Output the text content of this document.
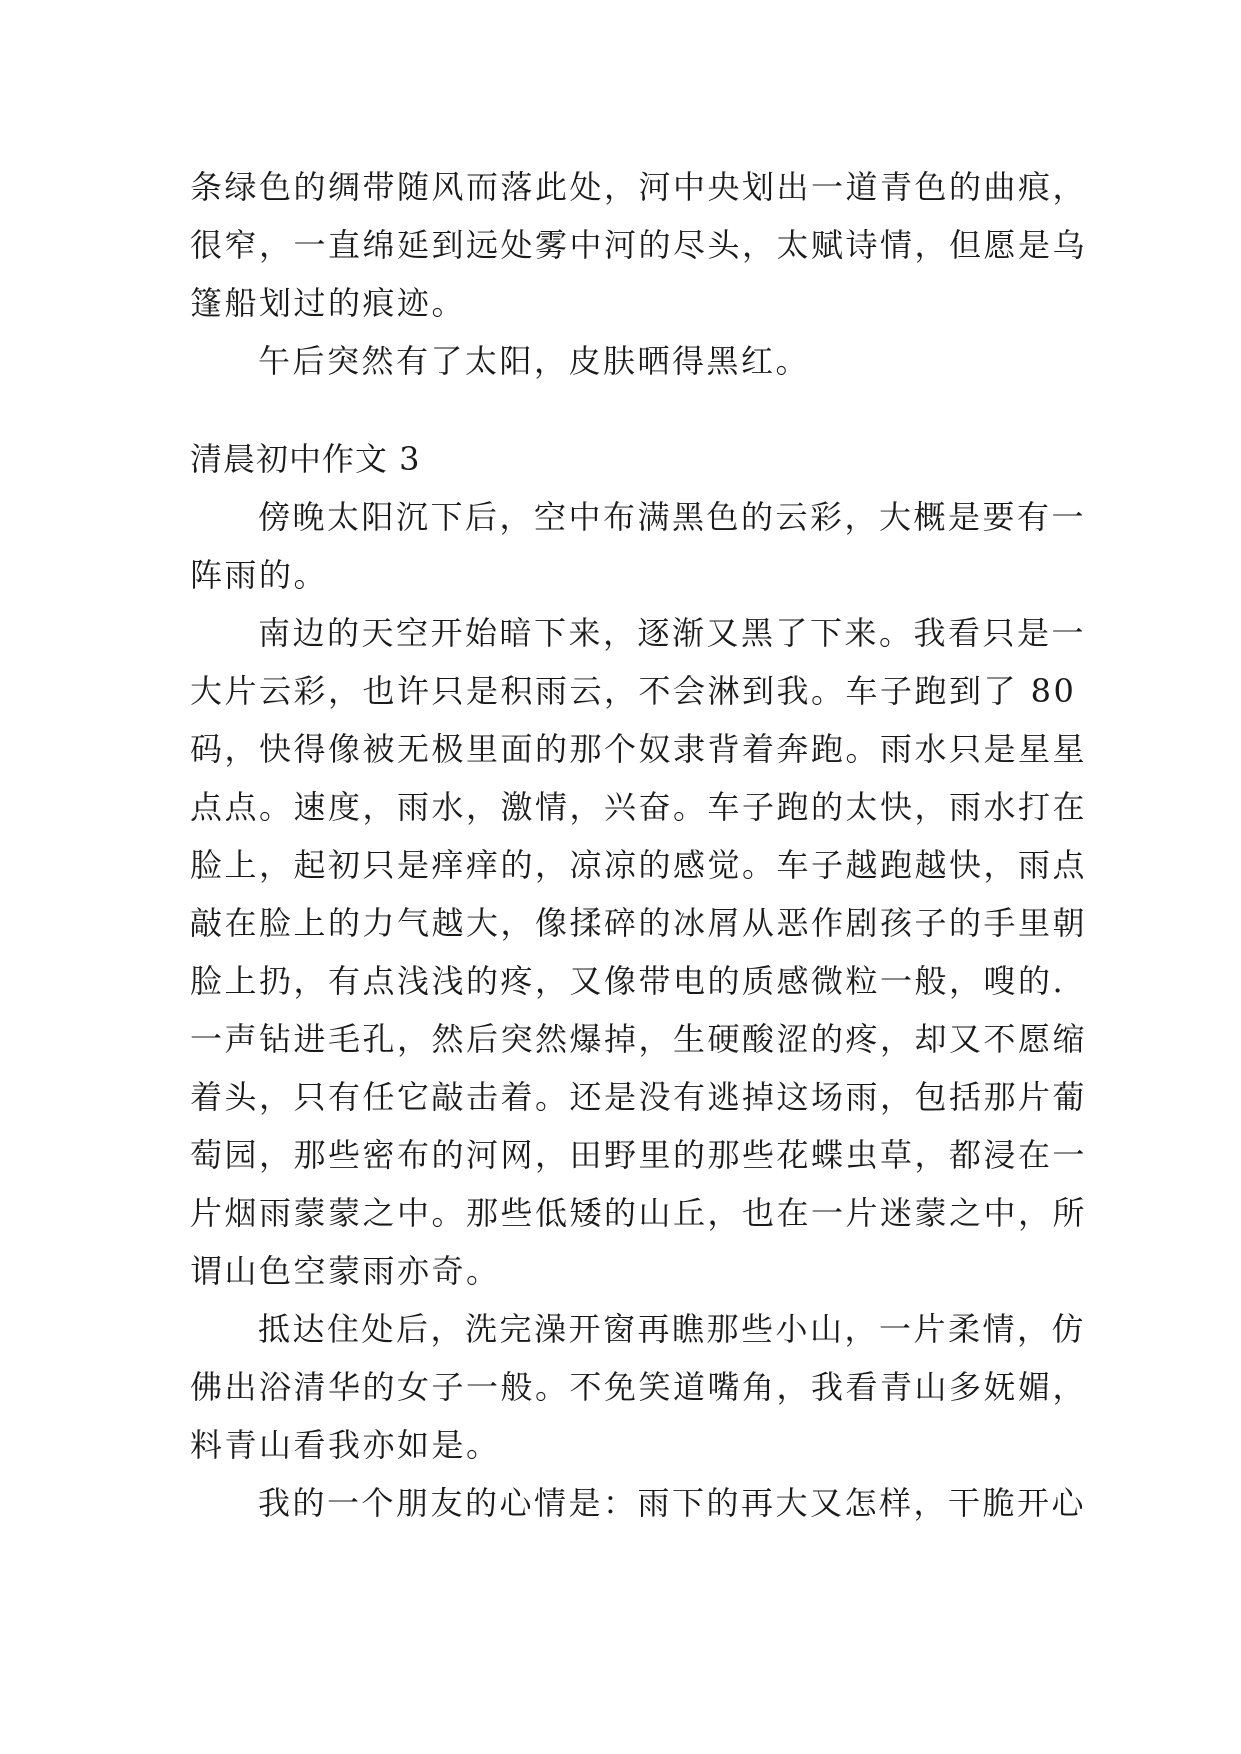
条绿色的绸带随风而落此处，河中央划出一道青色的曲痕，
很窄，一直绵延到远处雾中河的尽头，太赋诗情，但愿是乌
篷船划过的痕迹。
午后突然有了太阳，皮肤晒得黑红。
清晨初中作文 3
傍晚太阳沉下后，空中布满黑色的云彩，大概是要有一
阵雨的。
南边的天空开始暗下来，逐渐又黑了下来。我看只是一
大片云彩，也许只是积雨云，不会淋到我。车子跑到了 80
码，快得像被无极里面的那个奴隶背着奔跑。雨水只是星星
点点。速度，雨水，激情，兴奋。车子跑的太快，雨水打在
脸上，起初只是痒痒的，凉凉的感觉。车子越跑越快，雨点
敲在脸上的力气越大，像揉碎的冰屑从恶作剧孩子的手里朝
脸上扔，有点浅浅的疼，又像带电的质感微粒一般，嗖的.
一声钻进毛孔，然后突然爆掉，生硬酸涩的疼，却又不愿缩
着头，只有任它敲击着。还是没有逃掉这场雨，包括那片葡
萄园，那些密布的河网，田野里的那些花蝶虫草，都浸在一
片烟雨蒙蒙之中。那些低矮的山丘，也在一片迷蒙之中，所
谓山色空蒙雨亦奇。
抵达住处后，洗完澡开窗再瞧那些小山，一片柔情，仿
佛出浴清华的女子一般。不免笑道嘴角，我看青山多妩媚，
料青山看我亦如是。
我的一个朋友的心情是：雨下的再大又怎样，干脆开心
